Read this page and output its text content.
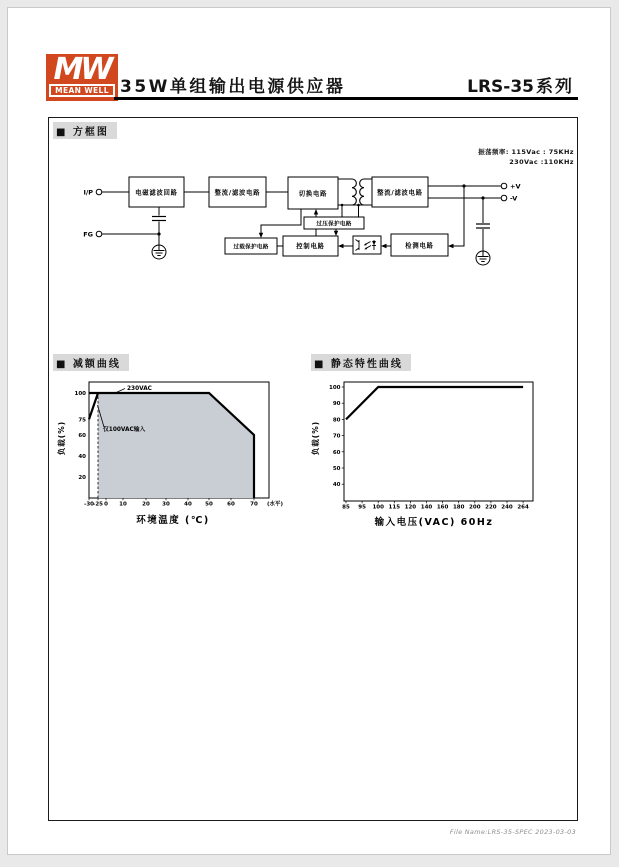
MW
MEAN WELL 35W单组输出电源供应器	LRS-35 系列
■ 方框图
振荡频率: 115Vac : 75KHz
230Vac :110KHz
I/P
FG
+V
-V
电磁滤波回路	整流/滤波电路	切换电路	整流/滤波电路
过压保护电路
过载保护电路	控制电路	检测电路
■ 减额曲线	■ 静态特性曲线
-30 -25 0 10	20 30	40 50	60	70
20
40
60
75
100
(水平)
230VAC
仅100VAC输入
负载(%)
环境温度 (℃)
85 95 100 115 120 140 160 180 200 220 240 264
40
50
60
70
80
90
100
负载(%)
输入电压(VAC) 60Hz
File Name:LRS-35-SPEC 2023-03-03
